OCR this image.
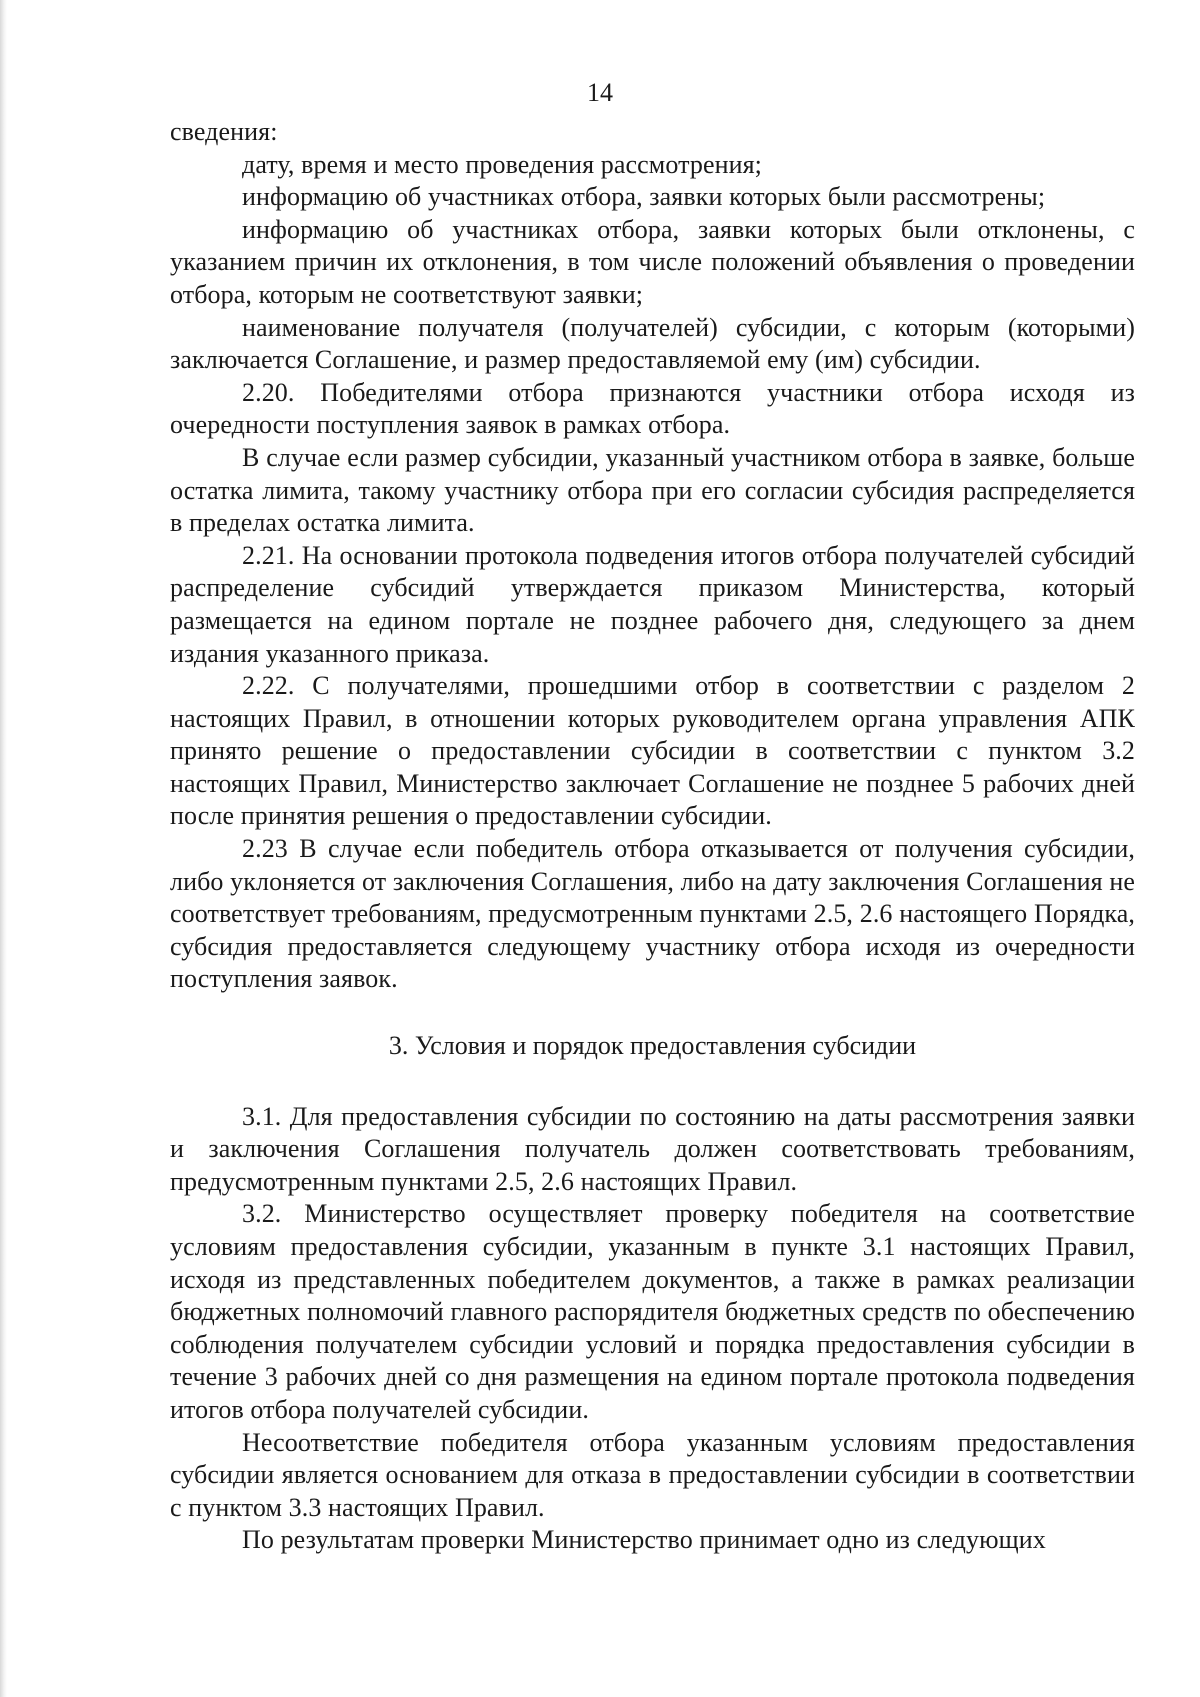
14

сведения:

дату, время и место проведения рассмотрения;

информацию об участниках отбора, заявки которых были рассмотрены;

информацию об участниках отбора, заявки которых были отклонены, с указанием причин их отклонения, в том числе положений объявления о проведении отбора, которым не соответствуют заявки;

наименование получателя (получателей) субсидии, с которым (которыми) заключается Соглашение, и размер предоставляемой ему (им) субсидии.

2.20. Победителями отбора признаются участники отбора исходя из очередности поступления заявок в рамках отбора.

В случае если размер субсидии, указанный участником отбора в заявке, больше остатка лимита, такому участнику отбора при его согласии субсидия распределяется в пределах остатка лимита.

2.21. На основании протокола подведения итогов отбора получателей субсидий распределение субсидий утверждается приказом Министерства, который размещается на едином портале не позднее рабочего дня, следующего за днем издания указанного приказа.

2.22. С получателями, прошедшими отбор в соответствии с разделом 2 настоящих Правил, в отношении которых руководителем органа управления АПК принято решение о предоставлении субсидии в соответствии с пунктом 3.2 настоящих Правил, Министерство заключает Соглашение не позднее 5 рабочих дней после принятия решения о предоставлении субсидии.

2.23 В случае если победитель отбора отказывается от получения субсидии, либо уклоняется от заключения Соглашения, либо на дату заключения Соглашения не соответствует требованиям, предусмотренным пунктами 2.5, 2.6 настоящего Порядка, субсидия предоставляется следующему участнику отбора исходя из очередности поступления заявок.

3. Условия и порядок предоставления субсидии

3.1. Для предоставления субсидии по состоянию на даты рассмотрения заявки и заключения Соглашения получатель должен соответствовать требованиям, предусмотренным пунктами 2.5, 2.6 настоящих Правил.

3.2. Министерство осуществляет проверку победителя на соответствие условиям предоставления субсидии, указанным в пункте 3.1 настоящих Правил, исходя из представленных победителем документов, а также в рамках реализации бюджетных полномочий главного распорядителя бюджетных средств по обеспечению соблюдения получателем субсидии условий и порядка предоставления субсидии в течение 3 рабочих дней со дня размещения на едином портале протокола подведения итогов отбора получателей субсидии.

Несоответствие победителя отбора указанным условиям предоставления субсидии является основанием для отказа в предоставлении субсидии в соответствии с пунктом 3.3 настоящих Правил.

По результатам проверки Министерство принимает одно из следующих
